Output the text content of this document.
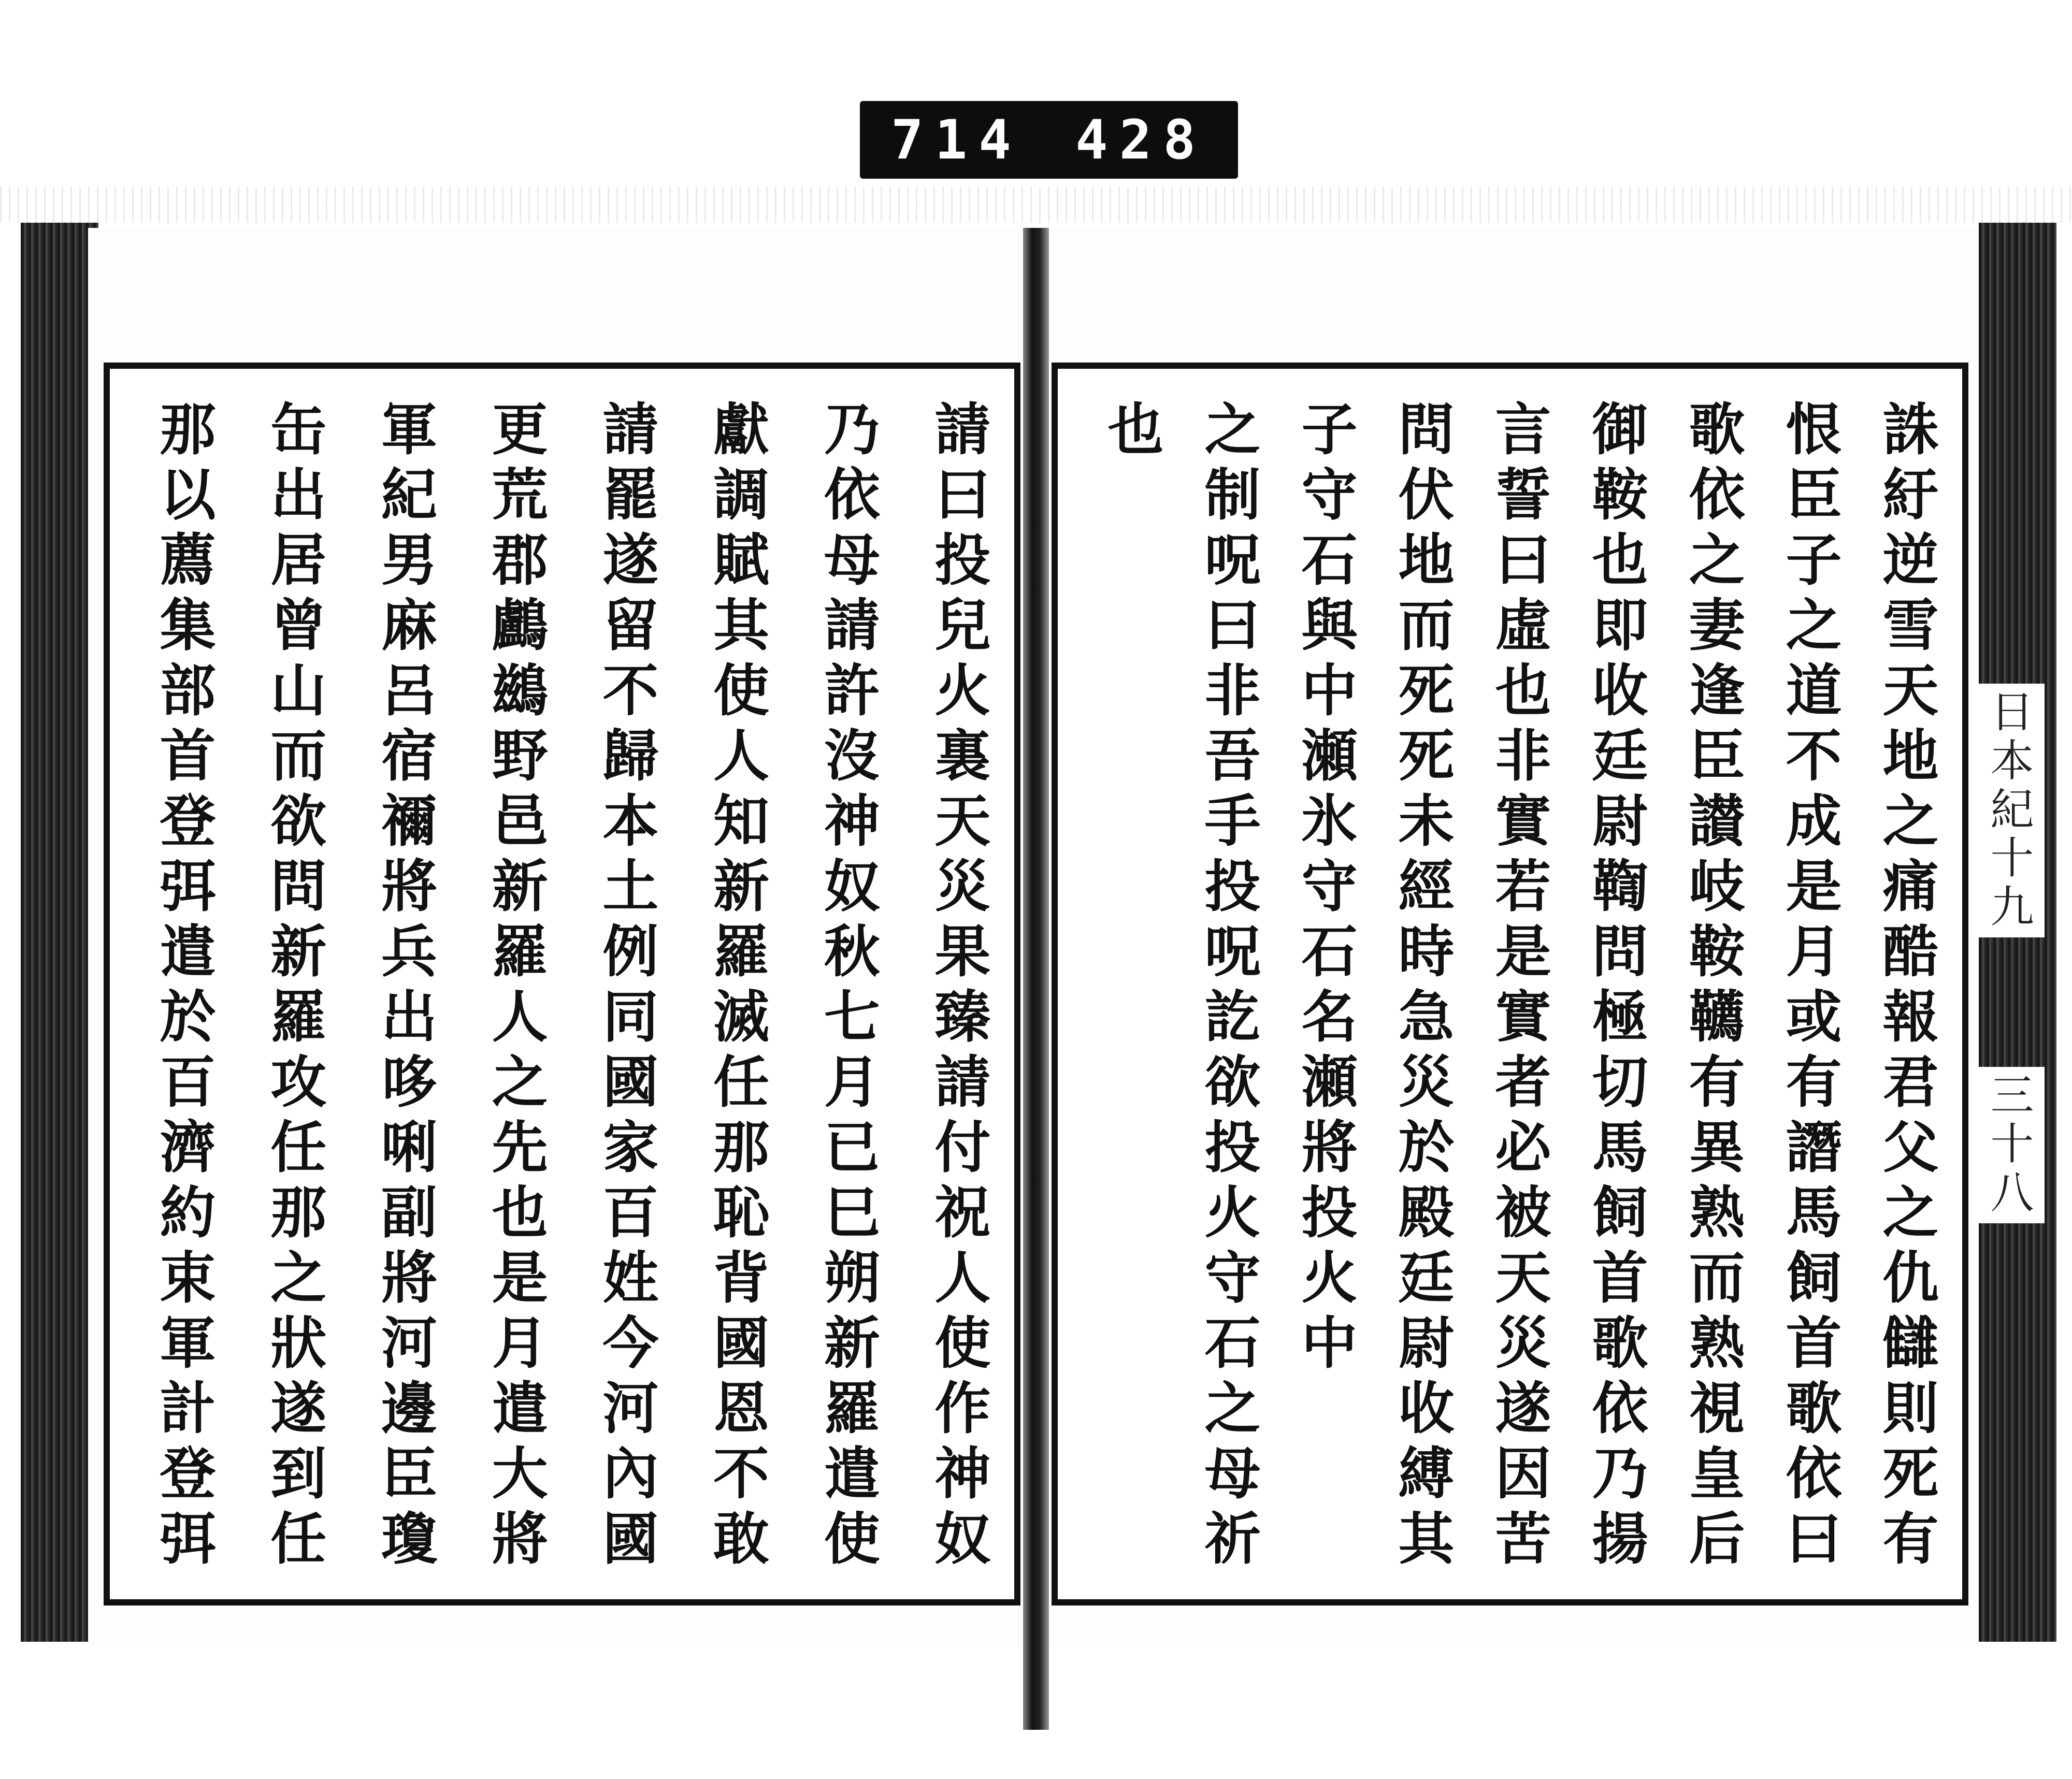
714 428
請曰投兒火裏天災果臻請付祝人使作神奴
乃依母請許沒神奴秋七月已巳朔新羅遣使
獻調賦其使人知新羅滅任那恥背國恩不敢
請罷遂留不歸本土例同國家百姓今河內國
更荒郡鸕鷀野邑新羅人之先也是月遣大將
軍紀男麻呂宿禰將兵出哆唎副將河邊臣瓊
缶出居曾山而欲問新羅攻任那之狀遂到任
那以薦集部首登弭遣於百濟約束軍計登弭	誅紆逆雪天地之痛酷報君父之仇讎則死有
恨臣子之道不成是月或有譖馬飼首歌依曰
歌依之妻逢臣讃岐鞍韉有異熟而熟視皇后
御鞍也即收廷尉鞫問極切馬飼首歌依乃揚
言誓曰虛也非實若是實者必被天災遂因苦
問伏地而死死未經時急災於殿廷尉收縛其
子守石與中瀬氷守石名瀬將投火中
之制呪曰非吾手投呪訖欲投火守石之母祈
也
日本紀十九
三十八
